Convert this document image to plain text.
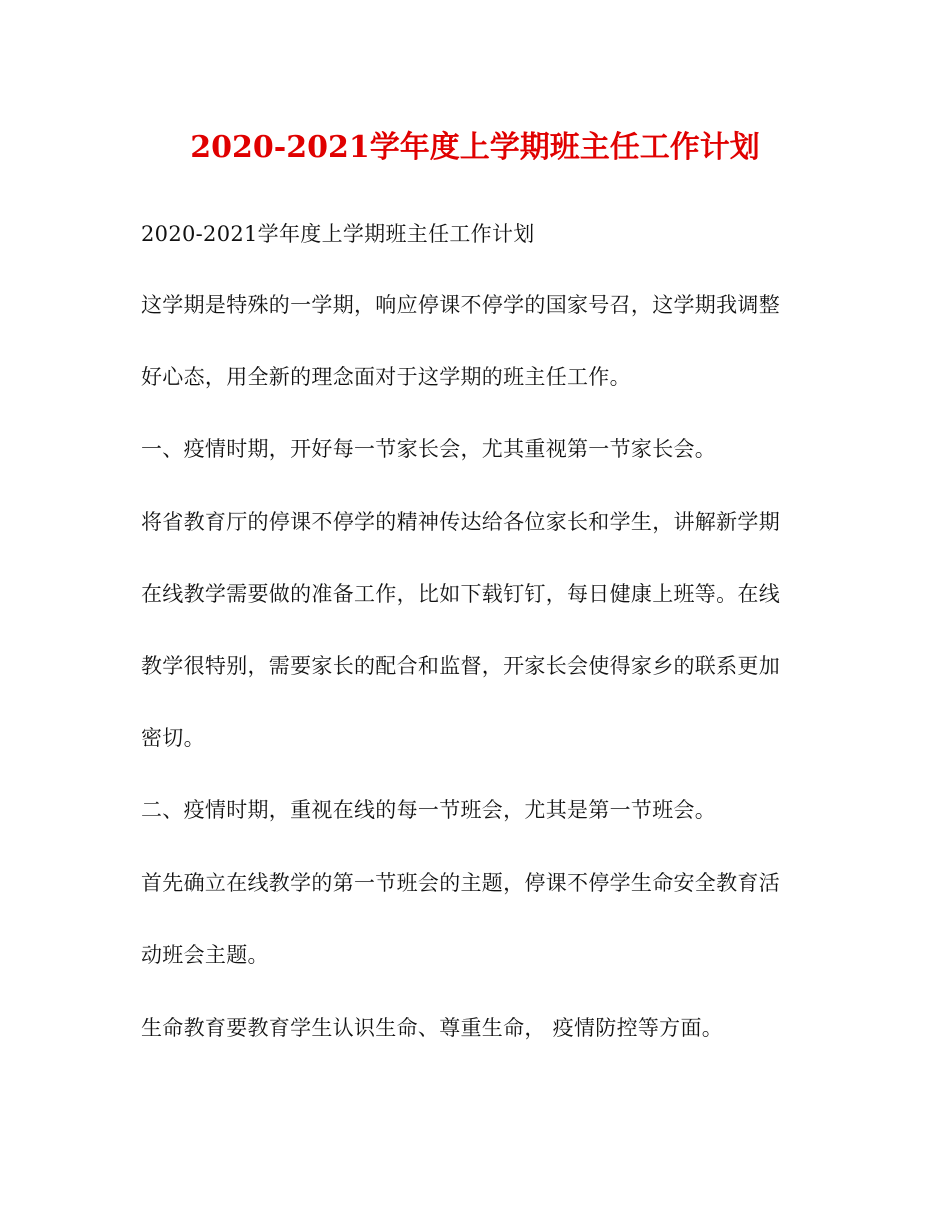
2020-2021学年度上学期班主任工作计划
2020-2021学年度上学期班主任工作计划
这学期是特殊的一学期，响应停课不停学的国家号召，这学期我调整
好心态，用全新的理念面对于这学期的班主任工作。
一、疫情时期，开好每一节家长会，尤其重视第一节家长会。
将省教育厅的停课不停学的精神传达给各位家长和学生，讲解新学期
在线教学需要做的准备工作，比如下载钉钉，每日健康上班等。在线
教学很特别，需要家长的配合和监督，开家长会使得家乡的联系更加
密切。
二、疫情时期，重视在线的每一节班会，尤其是第一节班会。
首先确立在线教学的第一节班会的主题，停课不停学生命安全教育活
动班会主题。
生命教育要教育学生认识生命、尊重生命， 疫情防控等方面。
